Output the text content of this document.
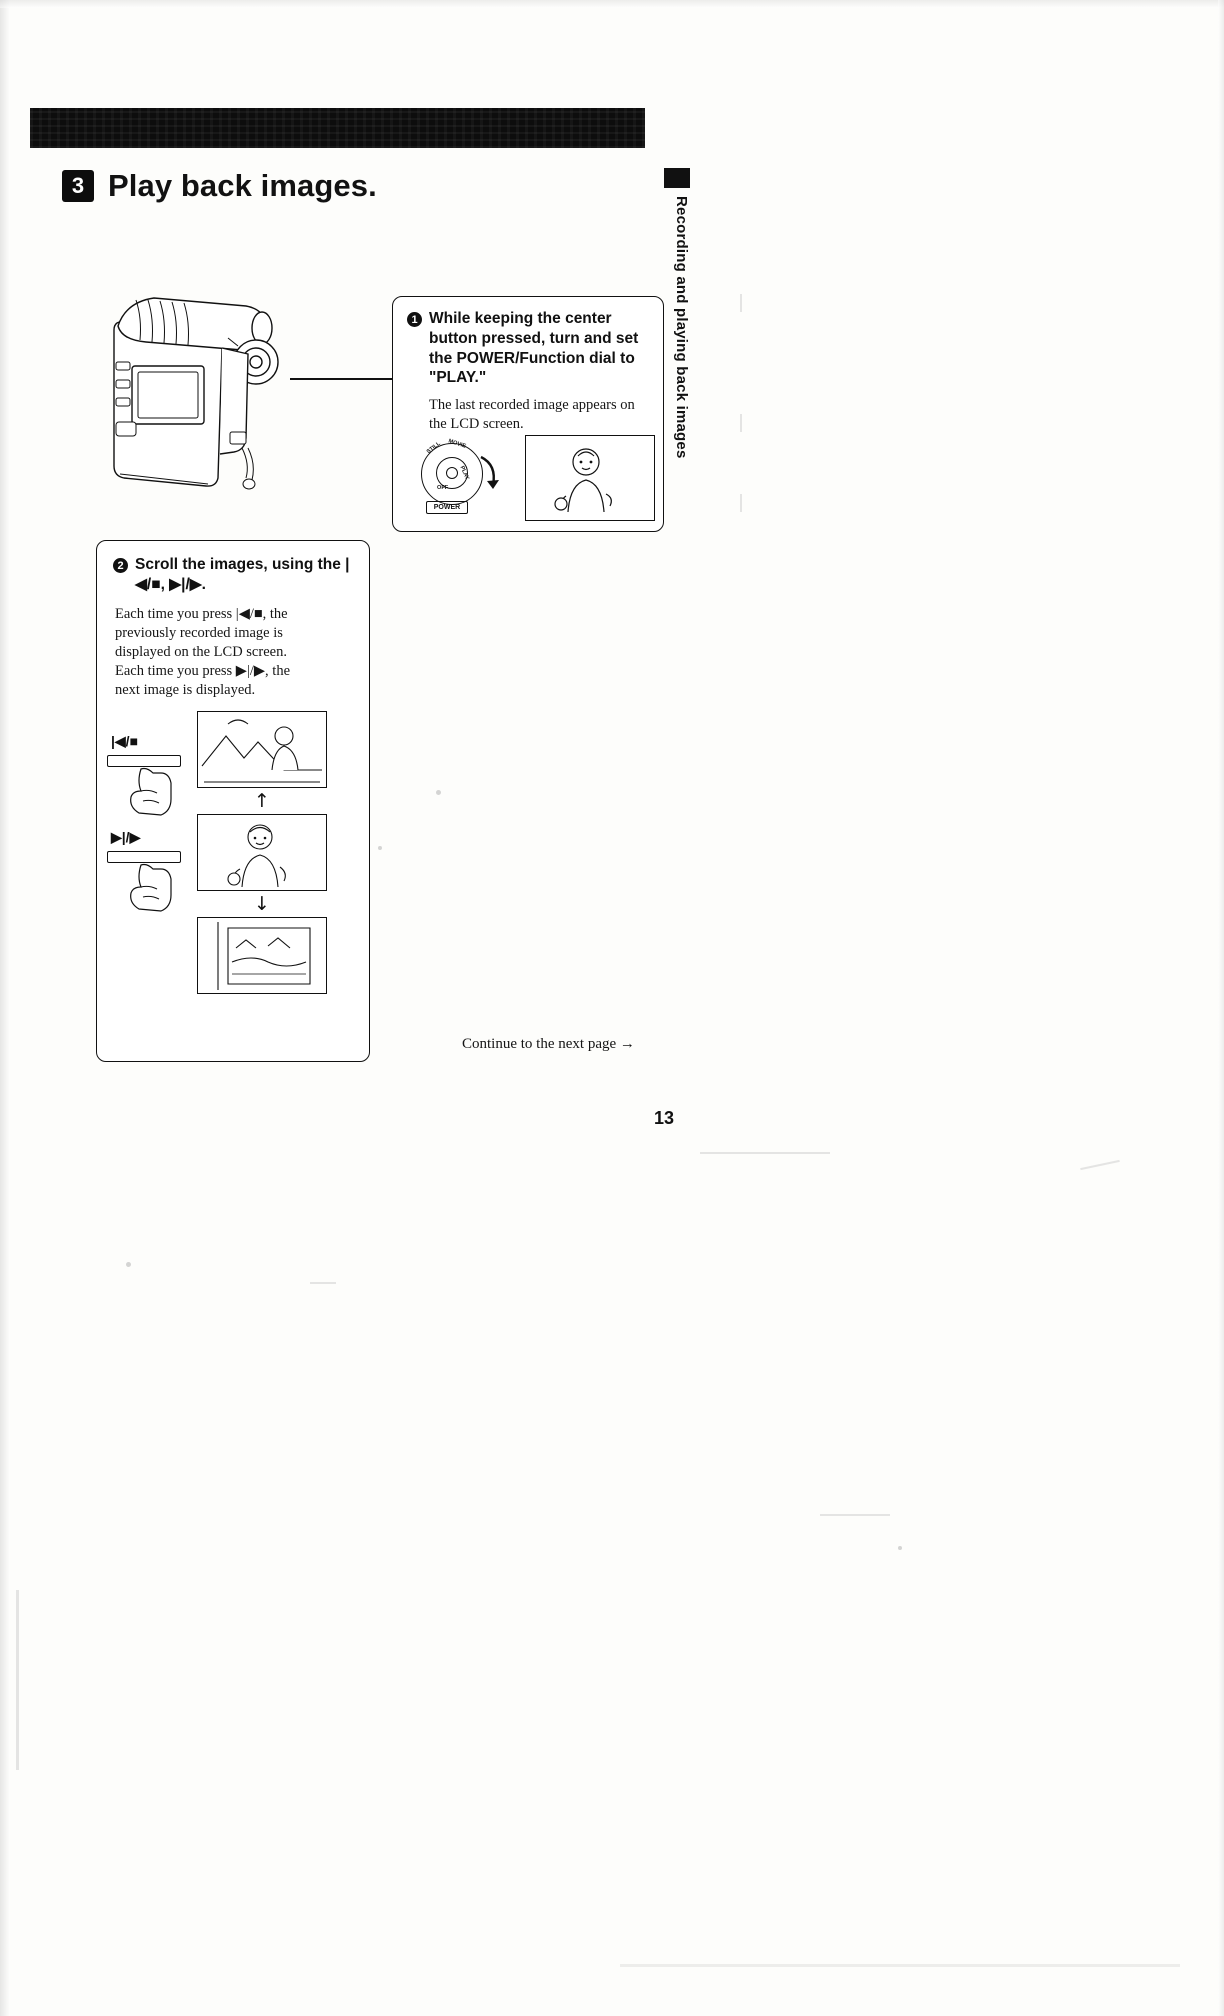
3 Play back images.
Recording and playing back images
1 While keeping the center button pressed, turn and set the POWER/Function dial to "PLAY."
The last recorded image appears on the LCD screen.
STILL MOVIE
PLAY
OFF
POWER
2 Scroll the images, using the |◀/■, ▶|/▶.
Each time you press |◀/■, the
previously recorded image is
displayed on the LCD screen.
Each time you press ▶|/▶, the
next image is displayed.
↑
↓
|◀/■
▶|/▶
Continue to the next page →
13
